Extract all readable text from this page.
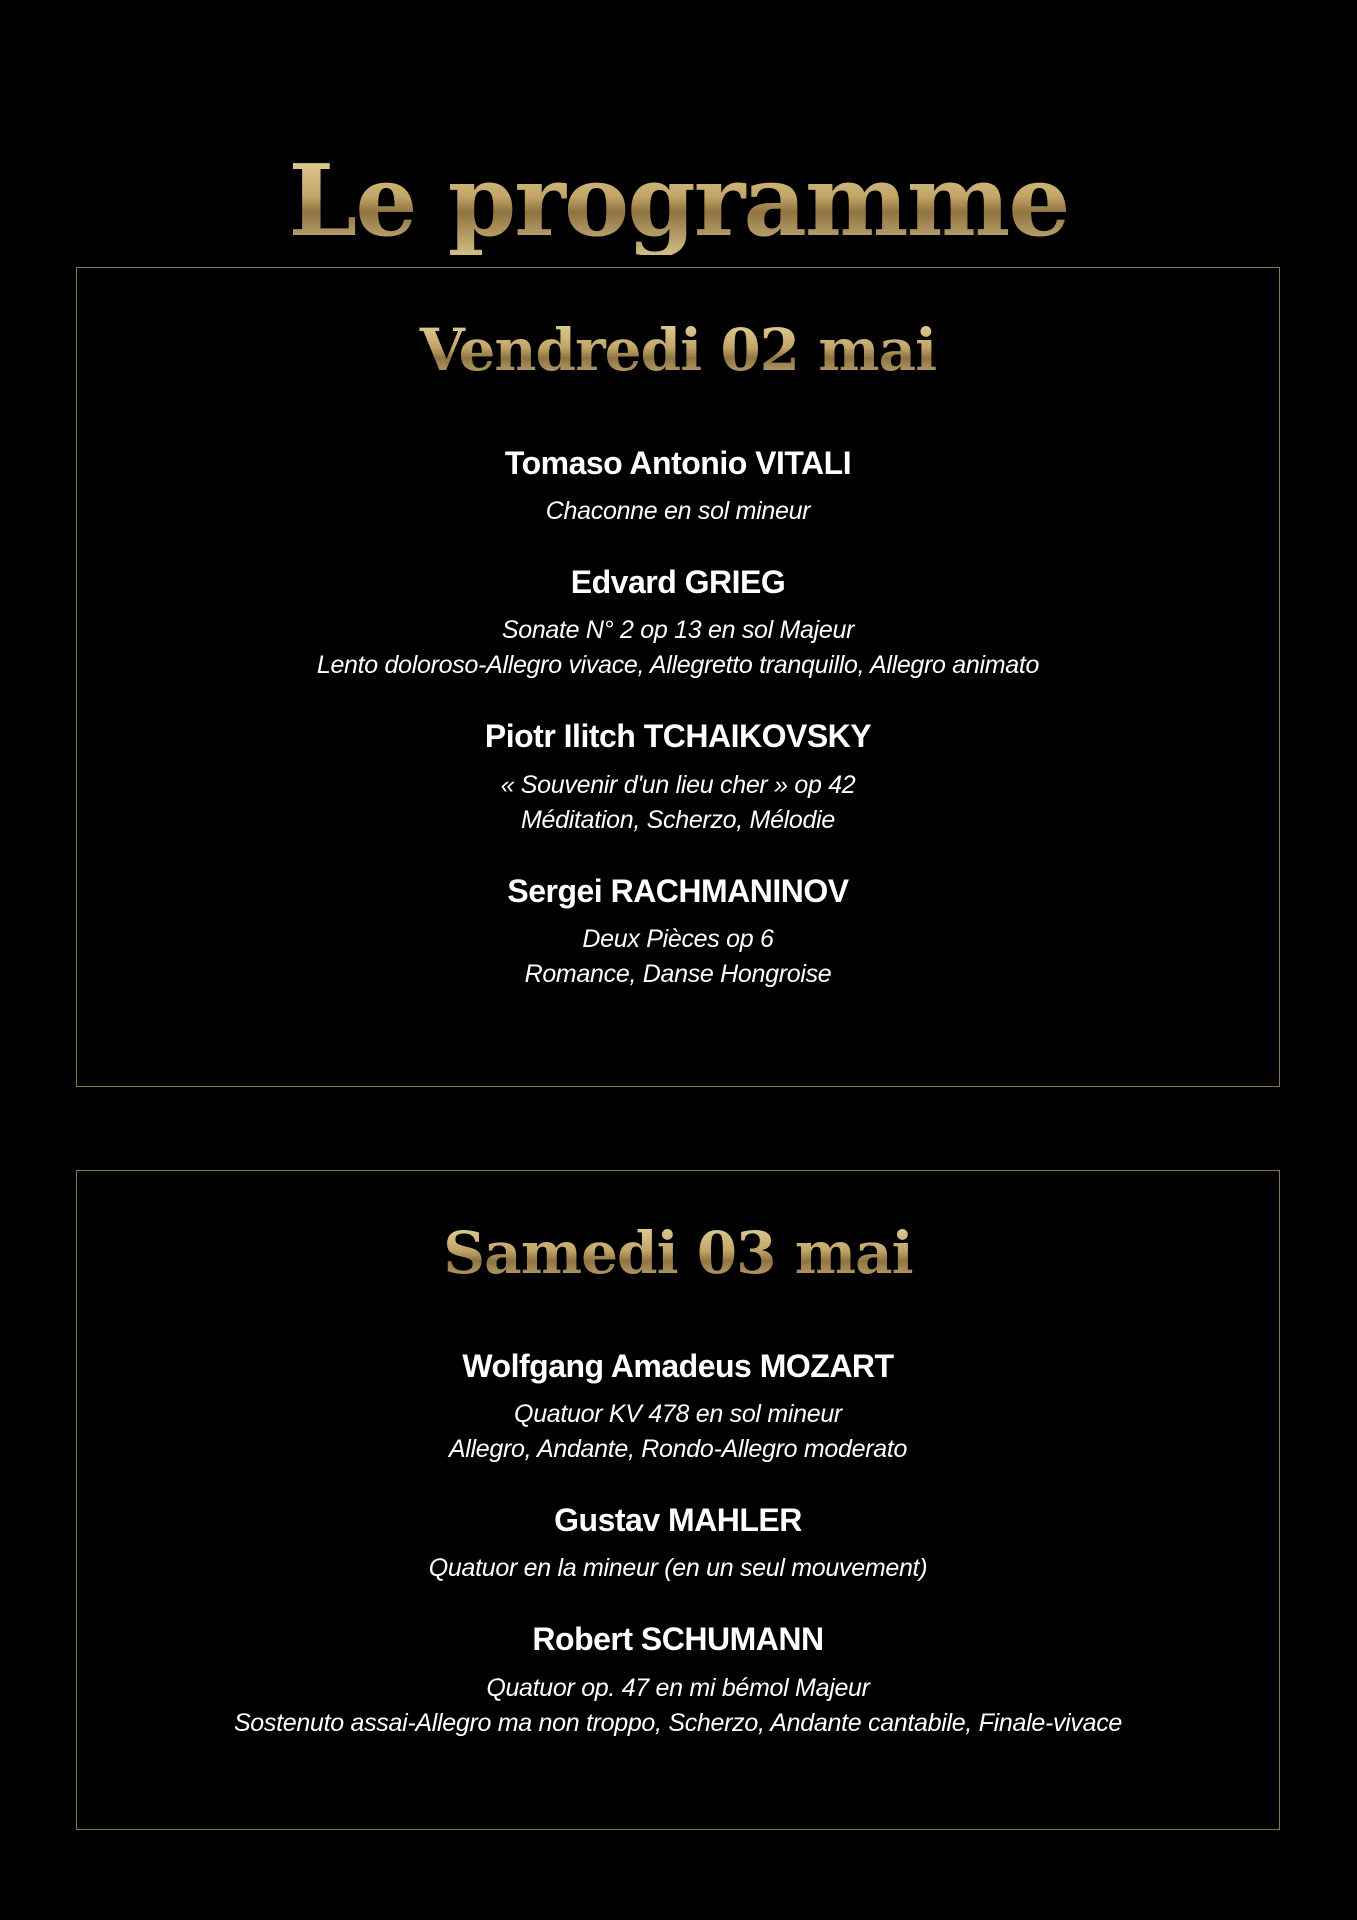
Le programme
Vendredi 02 mai
Tomaso Antonio VITALI
Chaconne en sol mineur
Edvard GRIEG
Sonate N° 2 op 13 en sol Majeur
Lento doloroso-Allegro vivace, Allegretto tranquillo, Allegro animato
Piotr Ilitch TCHAIKOVSKY
« Souvenir d'un lieu cher » op 42
Méditation, Scherzo, Mélodie
Sergei RACHMANINOV
Deux Pièces op 6
Romance, Danse Hongroise
Samedi 03 mai
Wolfgang Amadeus MOZART
Quatuor KV 478 en sol mineur
Allegro, Andante, Rondo-Allegro moderato
Gustav MAHLER
Quatuor en la mineur (en un seul mouvement)
Robert SCHUMANN
Quatuor op. 47 en mi bémol Majeur
Sostenuto assai-Allegro ma non troppo, Scherzo, Andante cantabile, Finale-vivace
